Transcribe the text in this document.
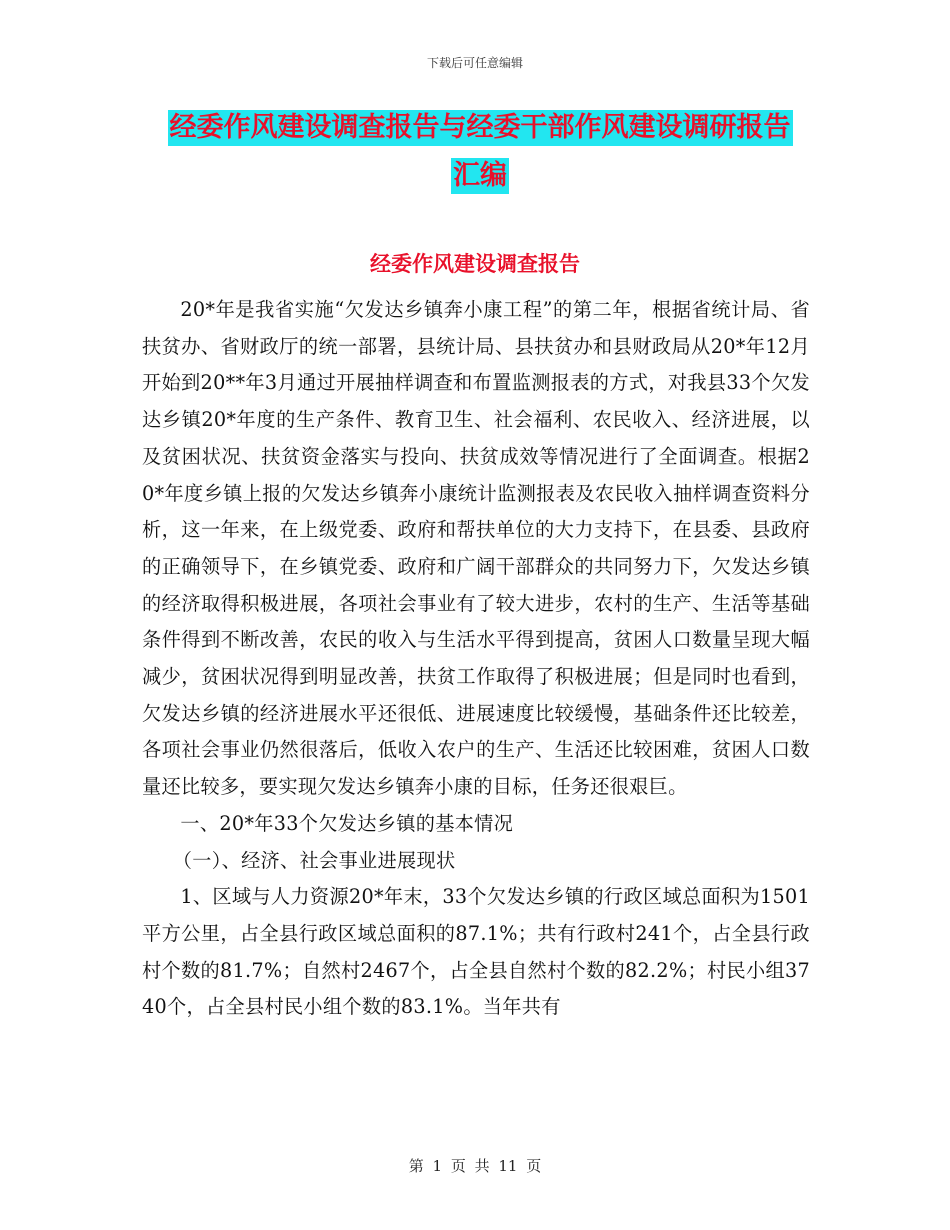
下载后可任意编辑
经委作风建设调查报告与经委干部作风建设调研报告
汇编
经委作风建设调查报告

20*年是我省实施“欠发达乡镇奔小康工程”的第二年，根据省统计局、省扶贫办、省财政厅的统一部署，县统计局、县扶贫办和县财政局从20*年12月开始到20**年3月通过开展抽样调查和布置监测报表的方式，对我县33个欠发达乡镇20*年度的生产条件、教育卫生、社会福利、农民收入、经济进展，以及贫困状况、扶贫资金落实与投向、扶贫成效等情况进行了全面调查。根据20*年度乡镇上报的欠发达乡镇奔小康统计监测报表及农民收入抽样调查资料分析，这一年来，在上级党委、政府和帮扶单位的大力支持下，在县委、县政府的正确领导下，在乡镇党委、政府和广阔干部群众的共同努力下，欠发达乡镇的经济取得积极进展，各项社会事业有了较大进步，农村的生产、生活等基础条件得到不断改善，农民的收入与生活水平得到提高，贫困人口数量呈现大幅减少，贫困状况得到明显改善，扶贫工作取得了积极进展；但是同时也看到，欠发达乡镇的经济进展水平还很低、进展速度比较缓慢，基础条件还比较差，各项社会事业仍然很落后，低收入农户的生产、生活还比较困难，贫困人口数量还比较多，要实现欠发达乡镇奔小康的目标，任务还很艰巨。

一、20*年33个欠发达乡镇的基本情况

（一）、经济、社会事业进展现状

1、区域与人力资源20*年末，33个欠发达乡镇的行政区域总面积为1501平方公里，占全县行政区域总面积的87.1%；共有行政村241个，占全县行政村个数的81.7%；自然村2467个，占全县自然村个数的82.2%；村民小组3740个，占全县村民小组个数的83.1%。当年共有

第 1 页 共 11 页
